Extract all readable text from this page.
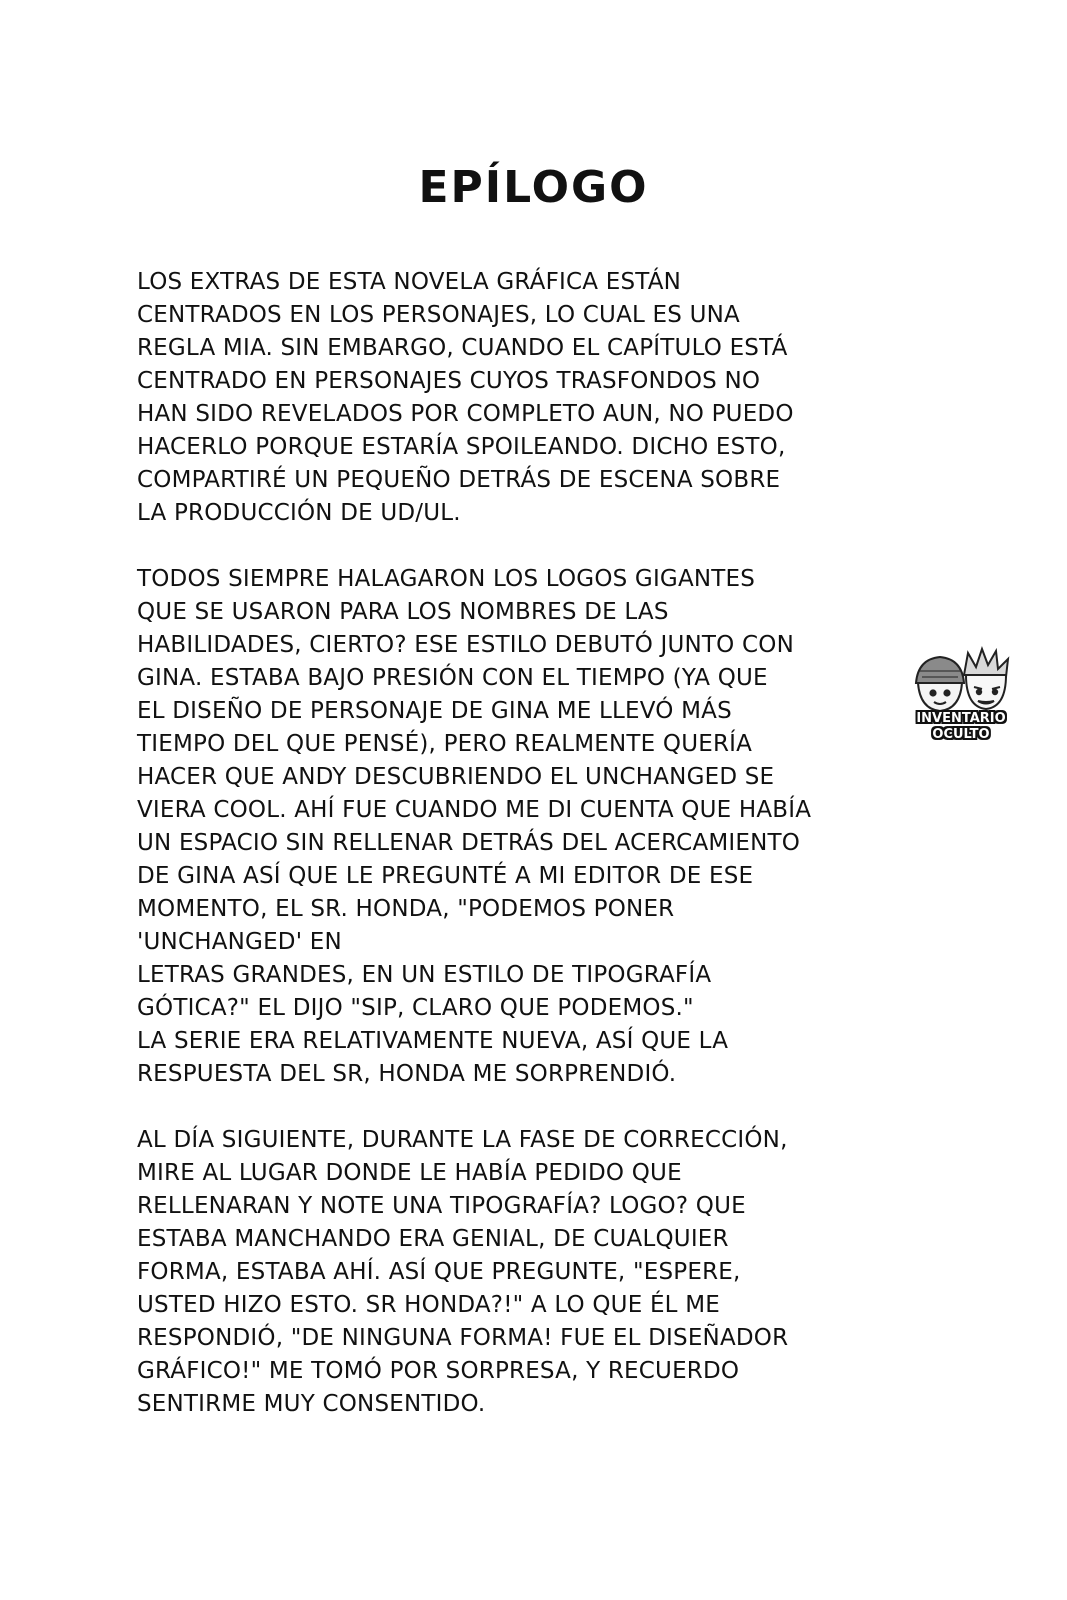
EPÍLOGO
LOS EXTRAS DE ESTA NOVELA GRÁFICA ESTÁN
CENTRADOS EN LOS PERSONAJES, LO CUAL ES UNA
REGLA MIA. SIN EMBARGO, CUANDO EL CAPÍTULO ESTÁ
CENTRADO EN PERSONAJES CUYOS TRASFONDOS NO
HAN SIDO REVELADOS POR COMPLETO AUN, NO PUEDO
HACERLO PORQUE ESTARÍA SPOILEANDO. DICHO ESTO,
COMPARTIRÉ UN PEQUEÑO DETRÁS DE ESCENA SOBRE
LA PRODUCCIÓN DE UD/UL.
TODOS SIEMPRE HALAGARON LOS LOGOS GIGANTES
QUE SE USARON PARA LOS NOMBRES DE LAS
HABILIDADES, CIERTO? ESE ESTILO DEBUTÓ JUNTO CON
GINA. ESTABA BAJO PRESIÓN CON EL TIEMPO (YA QUE
EL DISEÑO DE PERSONAJE DE GINA ME LLEVÓ MÁS
TIEMPO DEL QUE PENSÉ), PERO REALMENTE QUERÍA
HACER QUE ANDY DESCUBRIENDO EL UNCHANGED SE
VIERA COOL. AHÍ FUE CUANDO ME DI CUENTA QUE HABÍA
UN ESPACIO SIN RELLENAR DETRÁS DEL ACERCAMIENTO
DE GINA ASÍ QUE LE PREGUNTÉ A MI EDITOR DE ESE
MOMENTO, EL SR. HONDA, "PODEMOS PONER
'UNCHANGED' EN
LETRAS GRANDES, EN UN ESTILO DE TIPOGRAFÍA
GÓTICA?" EL DIJO "SIP, CLARO QUE PODEMOS."
LA SERIE ERA RELATIVAMENTE NUEVA, ASÍ QUE LA
RESPUESTA DEL SR, HONDA ME SORPRENDIÓ.
AL DÍA SIGUIENTE, DURANTE LA FASE DE CORRECCIÓN,
MIRE AL LUGAR DONDE LE HABÍA PEDIDO QUE
RELLENARAN Y NOTE UNA TIPOGRAFÍA? LOGO? QUE
ESTABA MANCHANDO ERA GENIAL, DE CUALQUIER
FORMA, ESTABA AHÍ. ASÍ QUE PREGUNTE, "ESPERE,
USTED HIZO ESTO. SR HONDA?!" A LO QUE ÉL ME
RESPONDIÓ, "DE NINGUNA FORMA! FUE EL DISEÑADOR
GRÁFICO!" ME TOMÓ POR SORPRESA, Y RECUERDO
SENTIRME MUY CONSENTIDO.
INVENTARIO
OCULTO
